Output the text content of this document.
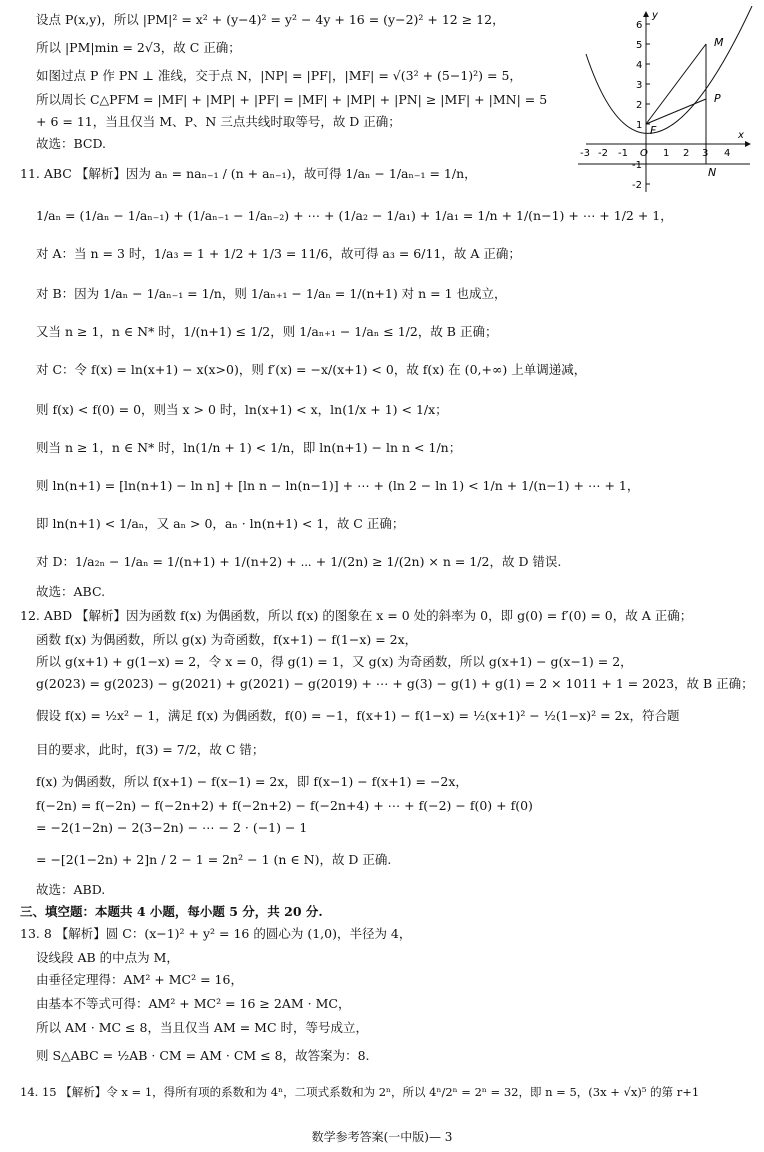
设点 P(x,y)，所以 |PM|² = x² + (y−4)² = y² − 4y + 16 = (y−2)² + 12 ≥ 12，
所以 |PM|min = 2√3，故 C 正确；
如图过点 P 作 PN ⊥ 准线，交于点 N，|NP| = |PF|，|MF| = √(3² + (5−1)²) = 5，
所以周长 C△PFM = |MF| + |MP| + |PF| = |MF| + |MP| + |PN| ≥ |MF| + |MN| = 5
+ 6 = 11，当且仅当 M、P、N 三点共线时取等号，故 D 正确；
故选：BCD.
11. ABC 【解析】因为 aₙ = naₙ₋₁ / (n + aₙ₋₁)，故可得 1/aₙ − 1/aₙ₋₁ = 1/n，
1/aₙ = (1/aₙ − 1/aₙ₋₁) + (1/aₙ₋₁ − 1/aₙ₋₂) + ⋯ + (1/a₂ − 1/a₁) + 1/a₁ = 1/n + 1/(n−1) + ⋯ + 1/2 + 1，
对 A：当 n = 3 时，1/a₃ = 1 + 1/2 + 1/3 = 11/6，故可得 a₃ = 6/11，故 A 正确；
对 B：因为 1/aₙ − 1/aₙ₋₁ = 1/n，则 1/aₙ₊₁ − 1/aₙ = 1/(n+1) 对 n = 1 也成立，
又当 n ≥ 1，n ∈ N* 时，1/(n+1) ≤ 1/2，则 1/aₙ₊₁ − 1/aₙ ≤ 1/2，故 B 正确；
对 C：令 f(x) = ln(x+1) − x(x>0)，则 f′(x) = −x/(x+1) < 0，故 f(x) 在 (0,+∞) 上单调递减，
则 f(x) < f(0) = 0，则当 x > 0 时，ln(x+1) < x，ln(1/x + 1) < 1/x；
则当 n ≥ 1，n ∈ N* 时，ln(1/n + 1) < 1/n，即 ln(n+1) − ln n < 1/n；
则 ln(n+1) = [ln(n+1) − ln n] + [ln n − ln(n−1)] + ⋯ + (ln 2 − ln 1) < 1/n + 1/(n−1) + ⋯ + 1，
即 ln(n+1) < 1/aₙ，又 aₙ > 0，aₙ · ln(n+1) < 1，故 C 正确；
对 D：1/a₂ₙ − 1/aₙ = 1/(n+1) + 1/(n+2) + ⋯ + 1/(2n) ≥ 1/(2n) × n = 1/2，故 D 错误.
故选：ABC.
12. ABD 【解析】因为函数 f(x) 为偶函数，所以 f(x) 的图象在 x = 0 处的斜率为 0，即 g(0) = f′(0) = 0，故 A 正确；
函数 f(x) 为偶函数，所以 g(x) 为奇函数，f(x+1) − f(1−x) = 2x，
所以 g(x+1) + g(1−x) = 2，令 x = 0，得 g(1) = 1，又 g(x) 为奇函数，所以 g(x+1) − g(x−1) = 2，
g(2023) = g(2023) − g(2021) + g(2021) − g(2019) + ⋯ + g(3) − g(1) + g(1) = 2 × 1011 + 1 = 2023，故 B 正确；
假设 f(x) = ½x² − 1，满足 f(x) 为偶函数，f(0) = −1，f(x+1) − f(1−x) = ½(x+1)² − ½(1−x)² = 2x，符合题
目的要求，此时，f(3) = 7/2，故 C 错；
f(x) 为偶函数，所以 f(x+1) − f(x−1) = 2x，即 f(x−1) − f(x+1) = −2x，
f(−2n) = f(−2n) − f(−2n+2) + f(−2n+2) − f(−2n+4) + ⋯ + f(−2) − f(0) + f(0)
= −2(1−2n) − 2(3−2n) − ⋯ − 2 · (−1) − 1
= −[2(1−2n) + 2]n / 2 − 1 = 2n² − 1 (n ∈ N)，故 D 正确.
故选：ABD.
三、填空题：本题共 4 小题，每小题 5 分，共 20 分.
13. 8 【解析】圆 C：(x−1)² + y² = 16 的圆心为 (1,0)，半径为 4，
设线段 AB 的中点为 M，
由垂径定理得：AM² + MC² = 16，
由基本不等式可得：AM² + MC² = 16 ≥ 2AM · MC，
所以 AM · MC ≤ 8，当且仅当 AM = MC 时，等号成立，
则 S△ABC = ½AB · CM = AM · CM ≤ 8，故答案为：8.
14. 15 【解析】令 x = 1，得所有项的系数和为 4ⁿ，二项式系数和为 2ⁿ，所以 4ⁿ/2ⁿ = 2ⁿ = 32，即 n = 5，(3x + √x)⁵ 的第 r+1
6
5
4
3
2
1
-1
-2
-3 -2 -1	1 2 3 4
O
x
y
M
P
F
N
数学参考答案(一中版)— 3
